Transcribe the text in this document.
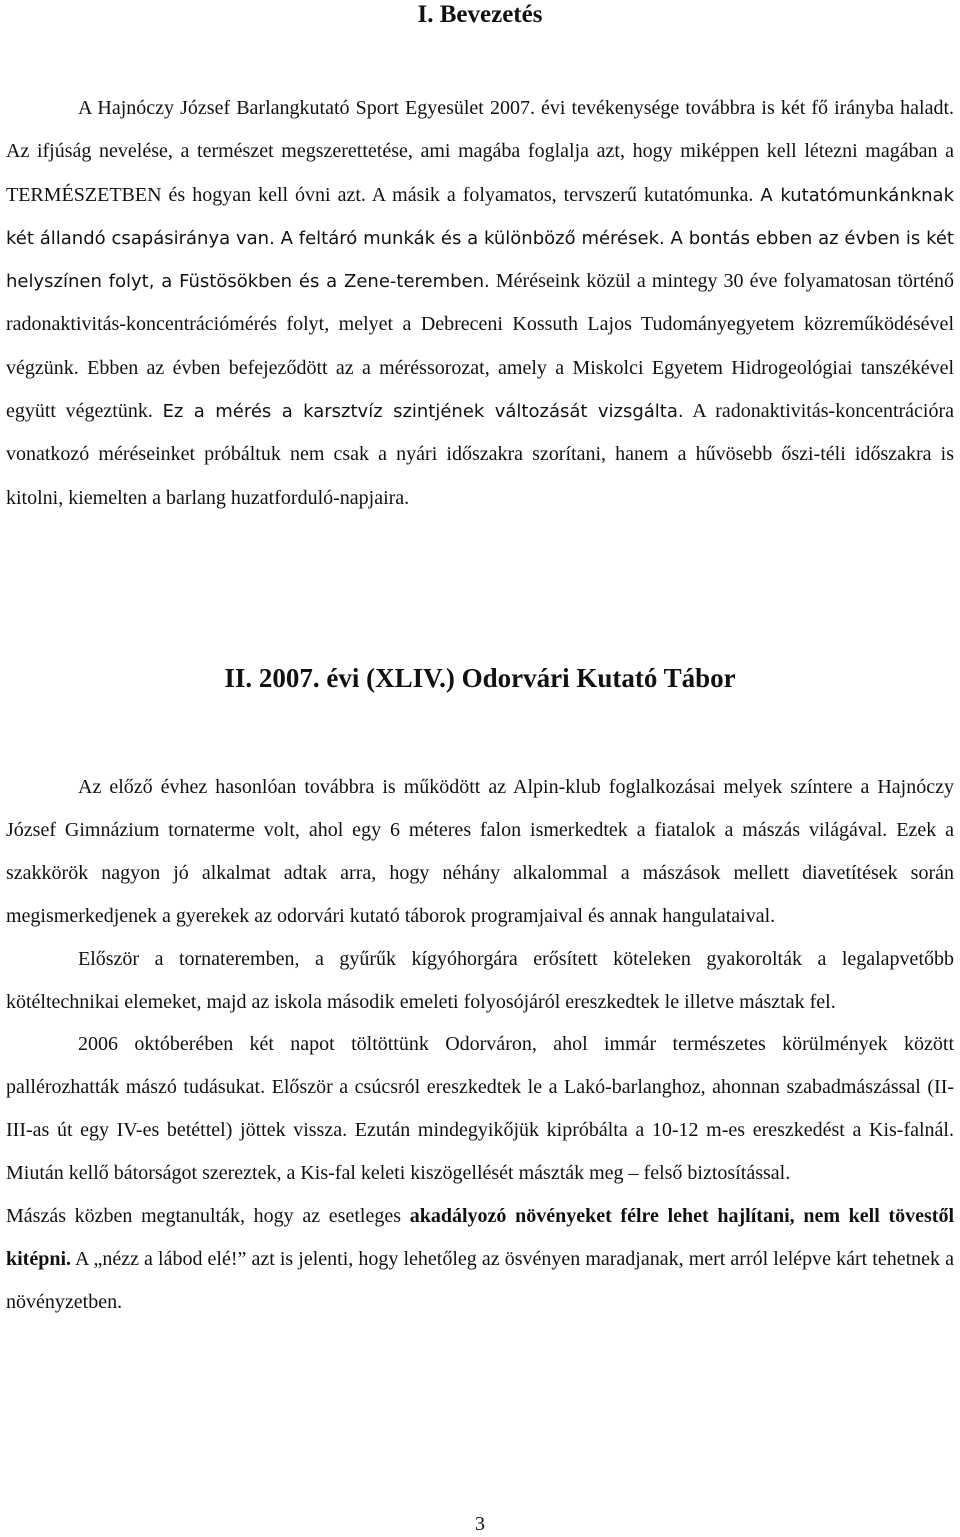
I. Bevezetés

A Hajnóczy József Barlangkutató Sport Egyesület 2007. évi tevékenysége továbbra is két fő irányba haladt. Az ifjúság nevelése, a természet megszerettetése, ami magába foglalja azt, hogy miképpen kell létezni magában a TERMÉSZETBEN és hogyan kell óvni azt. A másik a folyamatos, tervszerű kutatómunka. A kutatómunkánknak két állandó csapásiránya van. A feltáró munkák és a különböző mérések. A bontás ebben az évben is két helyszínen folyt, a Füstösökben és a Zene-teremben. Méréseink közül a mintegy 30 éve folyamatosan történő radonaktivitás-koncentrációmérés folyt, melyet a Debreceni Kossuth Lajos Tudományegyetem közreműködésével végzünk. Ebben az évben befejeződött az a méréssorozat, amely a Miskolci Egyetem Hidrogeológiai tanszékével együtt végeztünk. Ez a mérés a karsztvíz szintjének változását vizsgálta. A radonaktivitás-koncentrációra vonatkozó méréseinket próbáltuk nem csak a nyári időszakra szorítani, hanem a hűvösebb őszi-téli időszakra is kitolni, kiemelten a barlang huzatforduló-napjaira.

II. 2007. évi (XLIV.) Odorvári Kutató Tábor

Az előző évhez hasonlóan továbbra is működött az Alpin-klub foglalkozásai melyek színtere a Hajnóczy József Gimnázium tornaterme volt, ahol egy 6 méteres falon ismerkedtek a fiatalok a mászás világával. Ezek a szakkörök nagyon jó alkalmat adtak arra, hogy néhány alkalommal a mászások mellett diavetítések során megismerkedjenek a gyerekek az odorvári kutató táborok programjaival és annak hangulataival.

Először a tornateremben, a gyűrűk kígyóhorgára erősített köteleken gyakorolták a legalapvetőbb kötéltechnikai elemeket, majd az iskola második emeleti folyosójáról ereszkedtek le illetve másztak fel.

2006 októberében két napot töltöttünk Odorváron, ahol immár természetes körülmények között pallérozhatták mászó tudásukat. Először a csúcsról ereszkedtek le a Lakó-barlanghoz, ahonnan szabadmászással (II-III-as út egy IV-es betéttel) jöttek vissza. Ezután mindegyikőjük kipróbálta a 10-12 m-es ereszkedést a Kis-falnál. Miután kellő bátorságot szereztek, a Kis-fal keleti kiszögellését mászták meg – felső biztosítással.

Mászás közben megtanulták, hogy az esetleges akadályozó növényeket félre lehet hajlítani, nem kell tövestől kitépni. A „nézz a lábod elé!” azt is jelenti, hogy lehetőleg az ösvényen maradjanak, mert arról lelépve kárt tehetnek a növényzetben.

3
